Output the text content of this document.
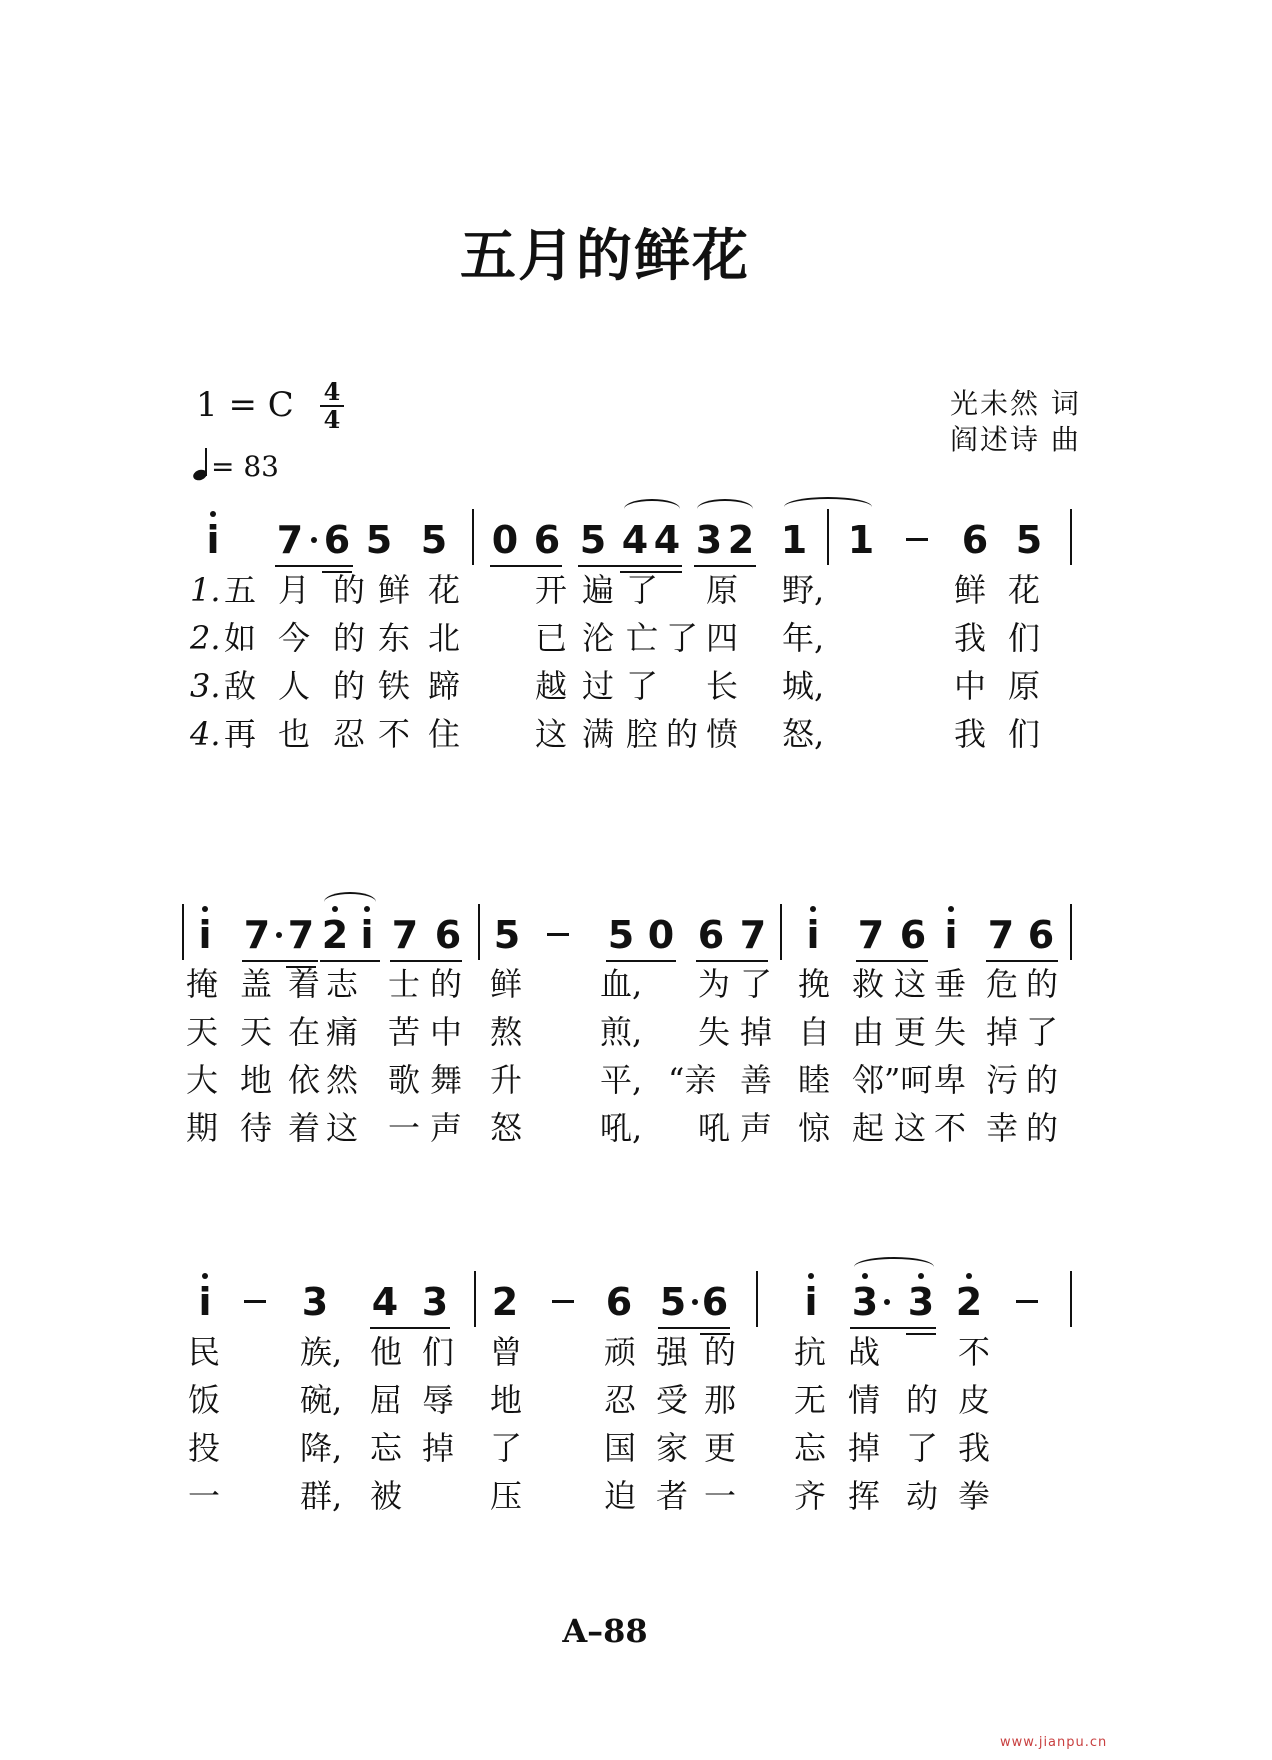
五月的鲜花
1 = C 4
4
= 83
光未然 词
阎述诗 曲
i 7 6 5 5 0 6 5 4 4 3 2 1 1 6 5
1. 五 月 的 鲜 花 开 遍 了 原 野,	鲜 花
2. 如 今 的 东 北 已 沦 亡 了 四 年,	我 们
3. 敌 人 的 铁 蹄 越 过 了 长 城,	中 原
4. 再 也 忍 不 住 这 满 腔 的 愤 怒,	我 们
i 7 7 2 i 7 6 5 5 0 6 7 i 7 6 i 7 6
掩 盖 着 志 士 的 鲜 血, 为 了 挽 救 这 垂 危 的
天 天 在 痛 苦 中 熬 煎, 失 掉 自 由 更 失 掉 了
大 地 依 然 歌 舞 升 平, “亲 善 睦 邻”呵 卑 污 的
期 待 着 这 一 声 怒 吼, 吼 声 惊 起 这 不 幸 的
i 3 4 3 2 6 5 6 i 3 3 2
民 族, 他 们 曾	顽 强 的 抗 战 不
饭 碗, 屈 辱 地	忍 受 那 无 情 的 皮
投 降, 忘 掉 了	国 家 更 忘 掉 了 我
一 群, 被	压	迫 者 一 齐 挥 动 拳
A–88
www.jianpu.cn
